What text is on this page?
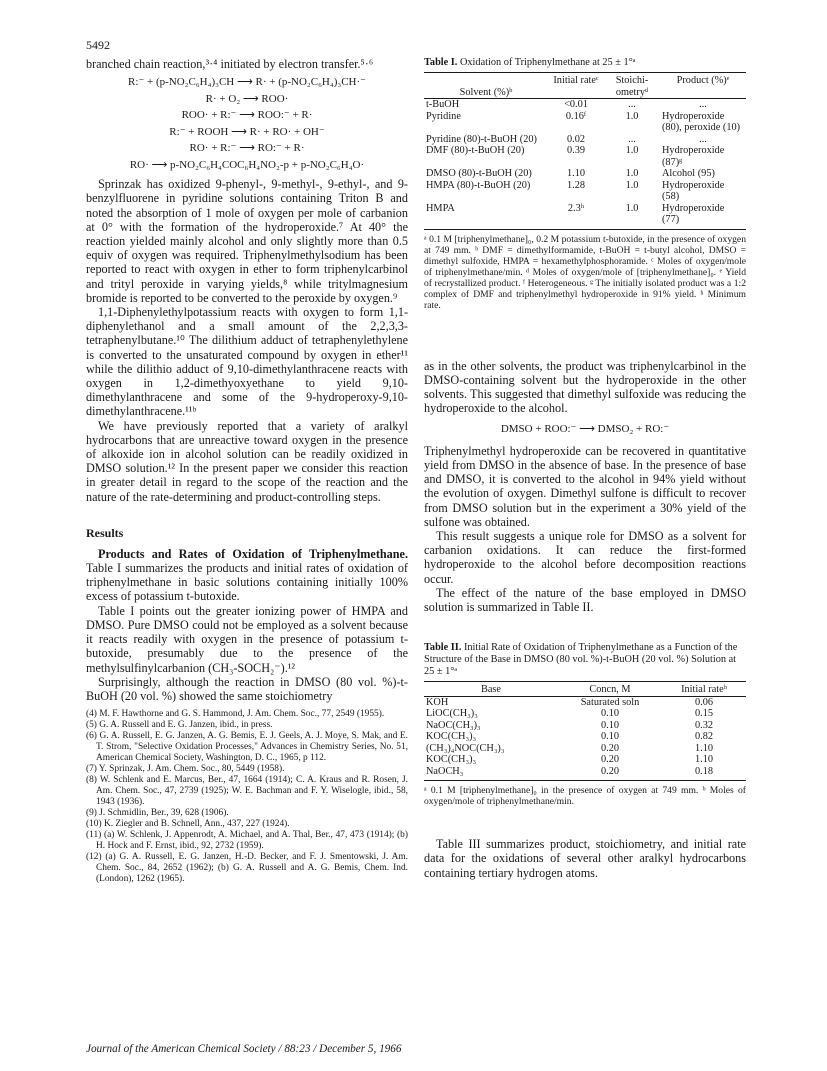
5492

branched chain reaction,³·⁴ initiated by electron transfer.⁵·⁶

R:⁻ + (p-NO₂C₆H₄)₃CH ⟶ R· + (p-NO₂C₆H₄)₃CH·⁻
R· + O₂ ⟶ ROO·
ROO· + R:⁻ ⟶ ROO:⁻ + R·
R:⁻ + ROOH ⟶ R· + RO· + OH⁻
RO· + R:⁻ ⟶ RO:⁻ + R·
RO· ⟶ p-NO₂C₆H₄COC₆H₄NO₂-p + p-NO₂C₆H₄O·

Sprinzak has oxidized 9-phenyl-, 9-methyl-, 9-ethyl-, and 9-benzylfluorene in pyridine solutions containing Triton B and noted the absorption of 1 mole of oxygen per mole of carbanion at 0° with the formation of the hydroperoxide.⁷ At 40° the reaction yielded mainly alcohol and only slightly more than 0.5 equiv of oxygen was required. Triphenylmethylsodium has been reported to react with oxygen in ether to form triphenylcarbinol and trityl peroxide in varying yields,⁸ while tritylmagnesium bromide is reported to be converted to the peroxide by oxygen.⁹

1,1-Diphenylethylpotassium reacts with oxygen to form 1,1-diphenylethanol and a small amount of the 2,2,3,3-tetraphenylbutane.¹⁰ The dilithium adduct of tetraphenylethylene is converted to the unsaturated compound by oxygen in ether¹¹ while the dilithio adduct of 9,10-dimethylanthracene reacts with oxygen in 1,2-dimethyoxyethane to yield 9,10-dimethylanthracene and some of the 9-hydroperoxy-9,10-dimethylanthracene.¹¹ᵇ

We have previously reported that a variety of aralkyl hydrocarbons that are unreactive toward oxygen in the presence of alkoxide ion in alcohol solution can be readily oxidized in DMSO solution.¹² In the present paper we consider this reaction in greater detail in regard to the scope of the reaction and the nature of the rate-determining and product-controlling steps.

Results

Products and Rates of Oxidation of Triphenylmethane. Table I summarizes the products and initial rates of oxidation of triphenylmethane in basic solutions containing initially 100% excess of potassium t-butoxide.

Table I points out the greater ionizing power of HMPA and DMSO. Pure DMSO could not be employed as a solvent because it reacts readily with oxygen in the presence of potassium t-butoxide, presumably due to the presence of the methylsulfinylcarbanion (CH₃-SOCH₂⁻).¹²

Surprisingly, although the reaction in DMSO (80 vol. %)-t-BuOH (20 vol. %) showed the same stoichiometry

(4) M. F. Hawthorne and G. S. Hammond, J. Am. Chem. Soc., 77, 2549 (1955).
(5) G. A. Russell and E. G. Janzen, ibid., in press.
(6) G. A. Russell, E. G. Janzen, A. G. Bemis, E. J. Geels, A. J. Moye, S. Mak, and E. T. Strom, "Selective Oxidation Processes," Advances in Chemistry Series, No. 51, American Chemical Society, Washington, D. C., 1965, p 112.
(7) Y. Sprinzak, J. Am. Chem. Soc., 80, 5449 (1958).
(8) W. Schlenk and E. Marcus, Ber., 47, 1664 (1914); C. A. Kraus and R. Rosen, J. Am. Chem. Soc., 47, 2739 (1925); W. E. Bachman and F. Y. Wiselogle, ibid., 58, 1943 (1936).
(9) J. Schmidlin, Ber., 39, 628 (1906).
(10) K. Ziegler and B. Schnell, Ann., 437, 227 (1924).
(11) (a) W. Schlenk, J. Appenrodt, A. Michael, and A. Thal, Ber., 47, 473 (1914); (b) H. Hock and F. Ernst, ibid., 92, 2732 (1959).
(12) (a) G. A. Russell, E. G. Janzen, H.-D. Becker, and F. J. Smentowski, J. Am. Chem. Soc., 84, 2652 (1962); (b) G. A. Russell and A. G. Bemis, Chem. Ind. (London), 1262 (1965).
Table I. Oxidation of Triphenylmethane at 25 ± 1°ᵃ
Solvent (%)ᵇ	Initial rateᶜ	Stoichi-ometryᵈ	Product (%)ᵉ
t-BuOH	<0.01	...	...
Pyridine	0.16ᶠ	1.0	Hydroperoxide (80), peroxide (10)
Pyridine (80)-t-BuOH (20)	0.02	...	...
DMF (80)-t-BuOH (20)	0.39	1.0	Hydroperoxide (87)ᵍ
DMSO (80)-t-BuOH (20)	1.10	1.0	Alcohol (95)
HMPA (80)-t-BuOH (20)	1.28	1.0	Hydroperoxide (58)
HMPA	2.3ʰ	1.0	Hydroperoxide (77)

ᵃ 0.1 M [triphenylmethane]₀, 0.2 M potassium t-butoxide, in the presence of oxygen at 749 mm. ᵇ DMF = dimethylformamide, t-BuOH = t-butyl alcohol, DMSO = dimethyl sulfoxide, HMPA = hexamethylphosphoramide. ᶜ Moles of oxygen/mole of triphenylmethane/min. ᵈ Moles of oxygen/mole of [triphenylmethane]₀. ᵉ Yield of recrystallized product. ᶠ Heterogeneous. ᵍ The initially isolated product was a 1:2 complex of DMF and triphenylmethyl hydroperoxide in 91% yield. ʰ Minimum rate.

as in the other solvents, the product was triphenylcarbinol in the DMSO-containing solvent but the hydroperoxide in the other solvents. This suggested that dimethyl sulfoxide was reducing the hydroperoxide to the alcohol.

DMSO + ROO:⁻ ⟶ DMSO₂ + RO:⁻

Triphenylmethyl hydroperoxide can be recovered in quantitative yield from DMSO in the absence of base. In the presence of base and DMSO, it is converted to the alcohol in 94% yield without the evolution of oxygen. Dimethyl sulfone is difficult to recover from DMSO solution but in the experiment a 30% yield of the sulfone was obtained.

This result suggests a unique role for DMSO as a solvent for carbanion oxidations. It can reduce the first-formed hydroperoxide to the alcohol before decomposition reactions occur.

The effect of the nature of the base employed in DMSO solution is summarized in Table II.

Table II. Initial Rate of Oxidation of Triphenylmethane as a Function of the Structure of the Base in DMSO (80 vol. %)-t-BuOH (20 vol. %) Solution at 25 ± 1°ᵃ
Base	Concn, M	Initial rateᵇ
KOH	Saturated soln	0.06
LiOC(CH₃)₃	0.10	0.15
NaOC(CH₃)₃	0.10	0.32
KOC(CH₃)₃	0.10	0.82
(CH₃)₄NOC(CH₃)₃	0.20	1.10
KOC(CH₃)₃	0.20	1.10
NaOCH₃	0.20	0.18

ᵃ 0.1 M [triphenylmethane]₀ in the presence of oxygen at 749 mm. ᵇ Moles of oxygen/mole of triphenylmethane/min.

Table III summarizes product, stoichiometry, and initial rate data for the oxidations of several other aralkyl hydrocarbons containing tertiary hydrogen atoms.

Journal of the American Chemical Society / 88:23 / December 5, 1966
